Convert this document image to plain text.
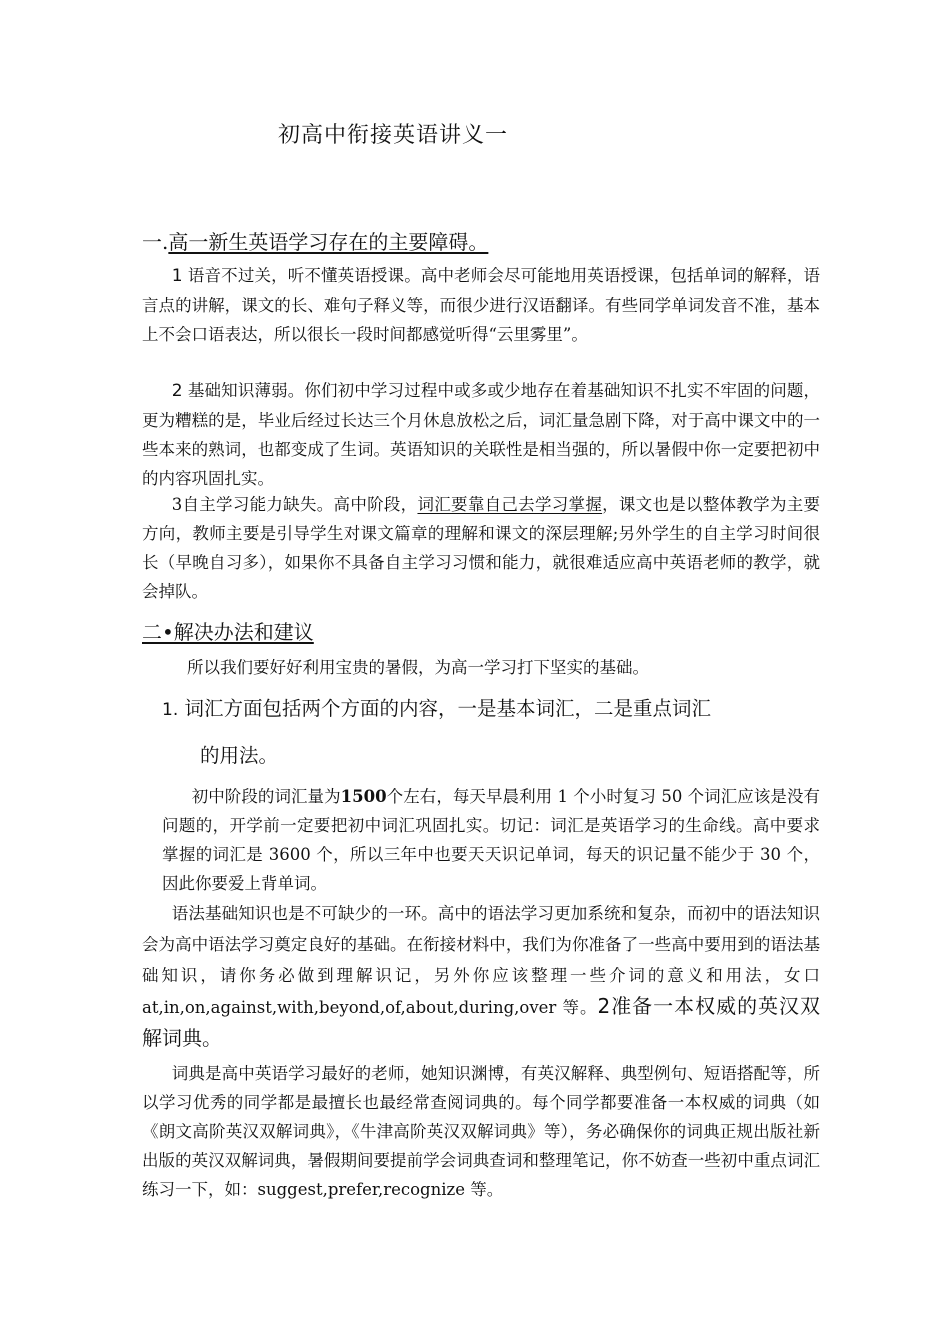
初高中衔接英语讲义一
一.高一新生英语学习存在的主要障碍。

1 语音不过关，听不懂英语授课。高中老师会尽可能地用英语授课，包括单词的解释，语言点的讲解，课文的长、难句子释义等，而很少进行汉语翻译。有些同学单词发音不准，基本上不会口语表达，所以很长一段时间都感觉听得“云里雾里”。

2 基础知识薄弱。你们初中学习过程中或多或少地存在着基础知识不扎实不牢固的问题，更为糟糕的是，毕业后经过长达三个月休息放松之后，词汇量急剧下降，对于高中课文中的一些本来的熟词，也都变成了生词。英语知识的关联性是相当强的，所以暑假中你一定要把初中的内容巩固扎实。

3自主学习能力缺失。高中阶段，词汇要靠自己去学习掌握，课文也是以整体教学为主要方向，教师主要是引导学生对课文篇章的理解和课文的深层理解;另外学生的自主学习时间很长（早晚自习多），如果你不具备自主学习习惯和能力，就很难适应高中英语老师的教学，就会掉队。

二•解决办法和建议
所以我们要好好利用宝贵的暑假，为高一学习打下坚实的基础。
1. 词汇方面包括两个方面的内容，一是基本词汇，二是重点词汇
的用法。

初中阶段的词汇量为1500个左右，每天早晨利用 1 个小时复习 50 个词汇应该是没有问题的，开学前一定要把初中词汇巩固扎实。切记：词汇是英语学习的生命线。高中要求掌握的词汇是 3600 个，所以三年中也要天天识记单词，每天的识记量不能少于 30 个，因此你要爱上背单词。

语法基础知识也是不可缺少的一环。高中的语法学习更加系统和复杂，而初中的语法知识会为高中语法学习奠定良好的基础。在衔接材料中，我们为你准备了一些高中要用到的语法基础知识，请你务必做到理解识记，另外你应该整理一些介词的意义和用法，女口 at,in,on,against,with,beyond,of,about,during,over 等。2准备一本权威的英汉双解词典。

词典是高中英语学习最好的老师，她知识渊博，有英汉解释、典型例句、短语搭配等，所以学习优秀的同学都是最擅长也最经常查阅词典的。每个同学都要准备一本权威的词典（如《朗文高阶英汉双解词典》，《牛津高阶英汉双解词典》等），务必确保你的词典正规出版社新出版的英汉双解词典，暑假期间要提前学会词典查词和整理笔记，你不妨查一些初中重点词汇练习一下，如：suggest,prefer,recognize 等。
